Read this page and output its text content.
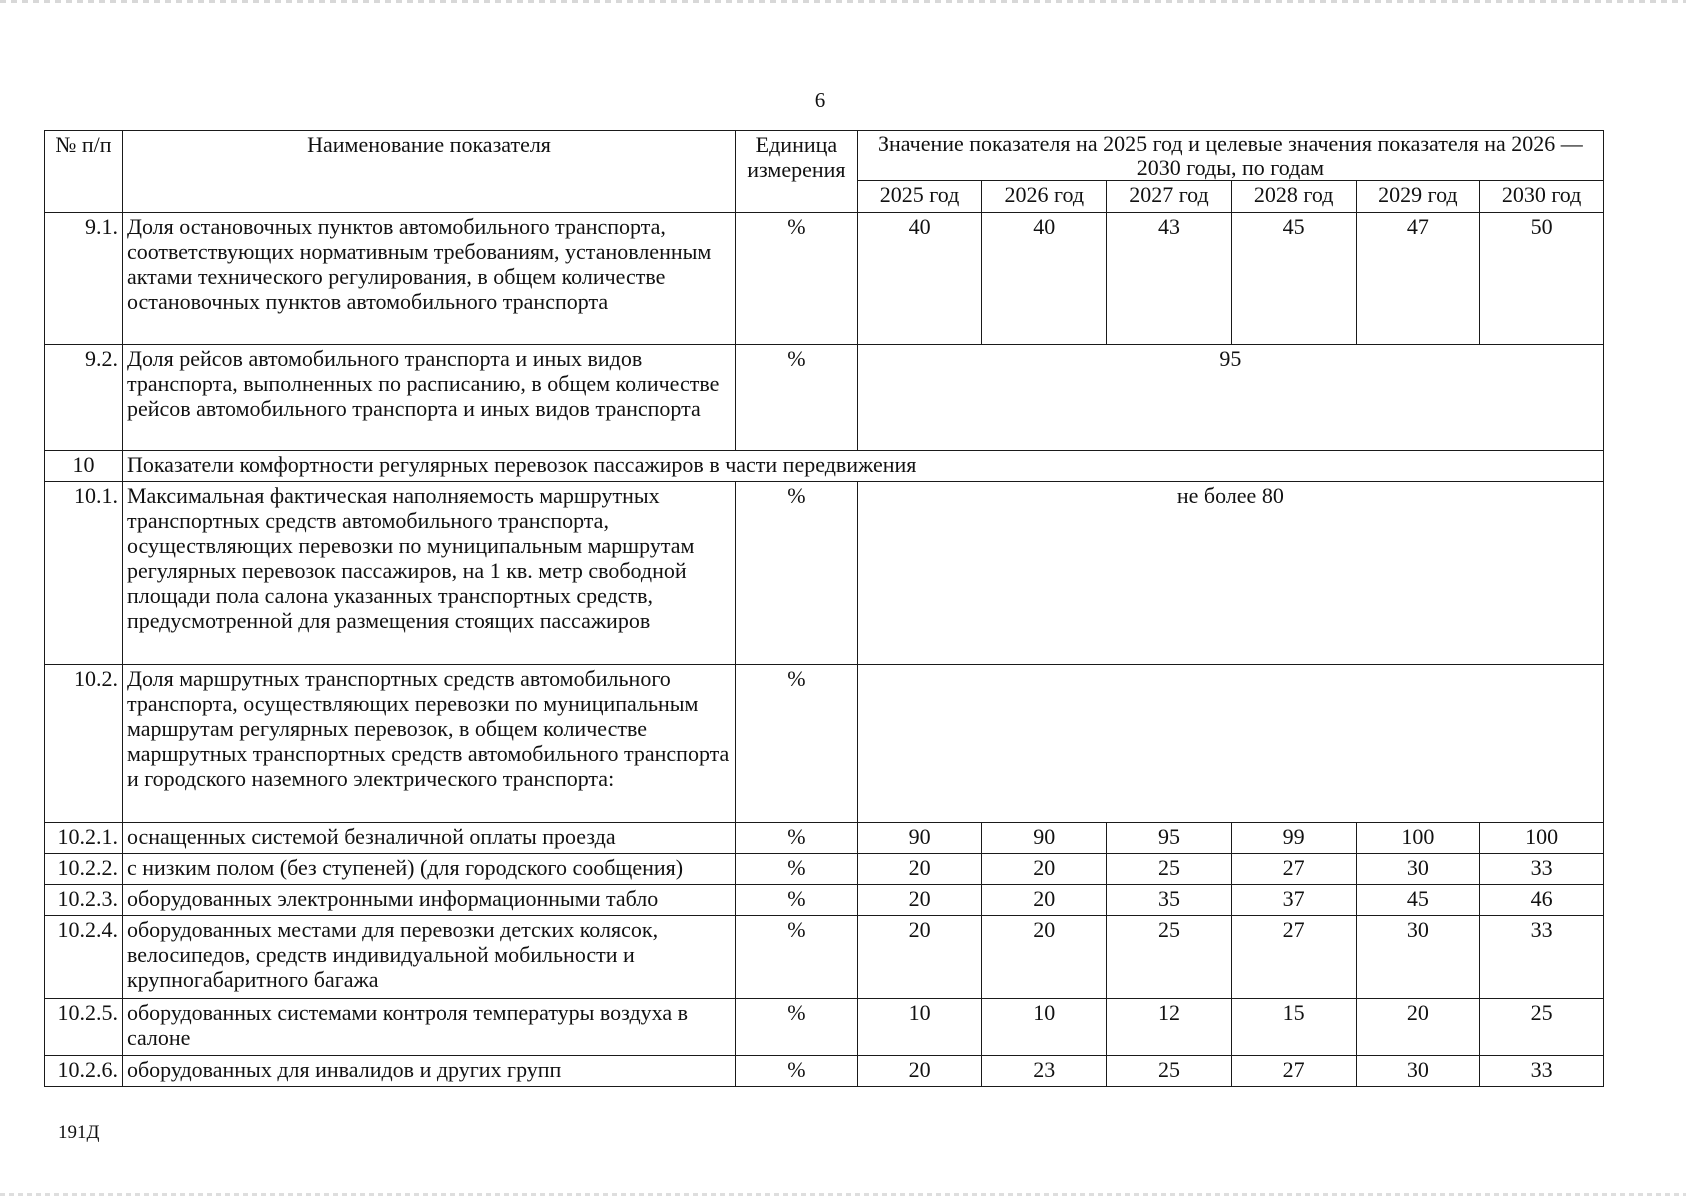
6
№ п/п	Наименование показателя	Единица измерения	Значение показателя на 2025 год и целевые значения показателя на 2026 — 2030 годы, по годам					
			2025 год	2026 год	2027 год	2028 год	2029 год	2030 год
9.1.	Доля остановочных пунктов автомобильного транспорта, соответствующих нормативным требованиям, установленным актами технического регулирования, в общем количестве остановочных пунктов автомобильного транспорта	%	40	40	43	45	47	50
9.2.	Доля рейсов автомобильного транспорта и иных видов транспорта, выполненных по расписанию, в общем количестве рейсов автомобильного транспорта и иных видов транспорта	%	95					
10	Показатели комфортности регулярных перевозок пассажиров в части передвижения							
10.1.	Максимальная фактическая наполняемость маршрутных транспортных средств автомобильного транспорта, осуществляющих перевозки по муниципальным маршрутам регулярных перевозок пассажиров, на 1 кв. метр свободной площади пола салона указанных транспортных средств, предусмотренной для размещения стоящих пассажиров	%	не более 80					
10.2.	Доля маршрутных транспортных средств автомобильного транспорта, осуществляющих перевозки по муниципальным маршрутам регулярных перевозок, в общем количестве маршрутных транспортных средств автомобильного транспорта и городского наземного электрического транспорта:	%						
10.2.1.	оснащенных системой безналичной оплаты проезда	%	90	90	95	99	100	100
10.2.2.	с низким полом (без ступеней) (для городского сообщения)	%	20	20	25	27	30	33
10.2.3.	оборудованных электронными информационными табло	%	20	20	35	37	45	46
10.2.4.	оборудованных местами для перевозки детских колясок, велосипедов, средств индивидуальной мобильности и крупногабаритного багажа	%	20	20	25	27	30	33
10.2.5.	оборудованных системами контроля температуры воздуха в салоне	%	10	10	12	15	20	25
10.2.6.	оборудованных для инвалидов и других групп	%	20	23	25	27	30	33
191Д
